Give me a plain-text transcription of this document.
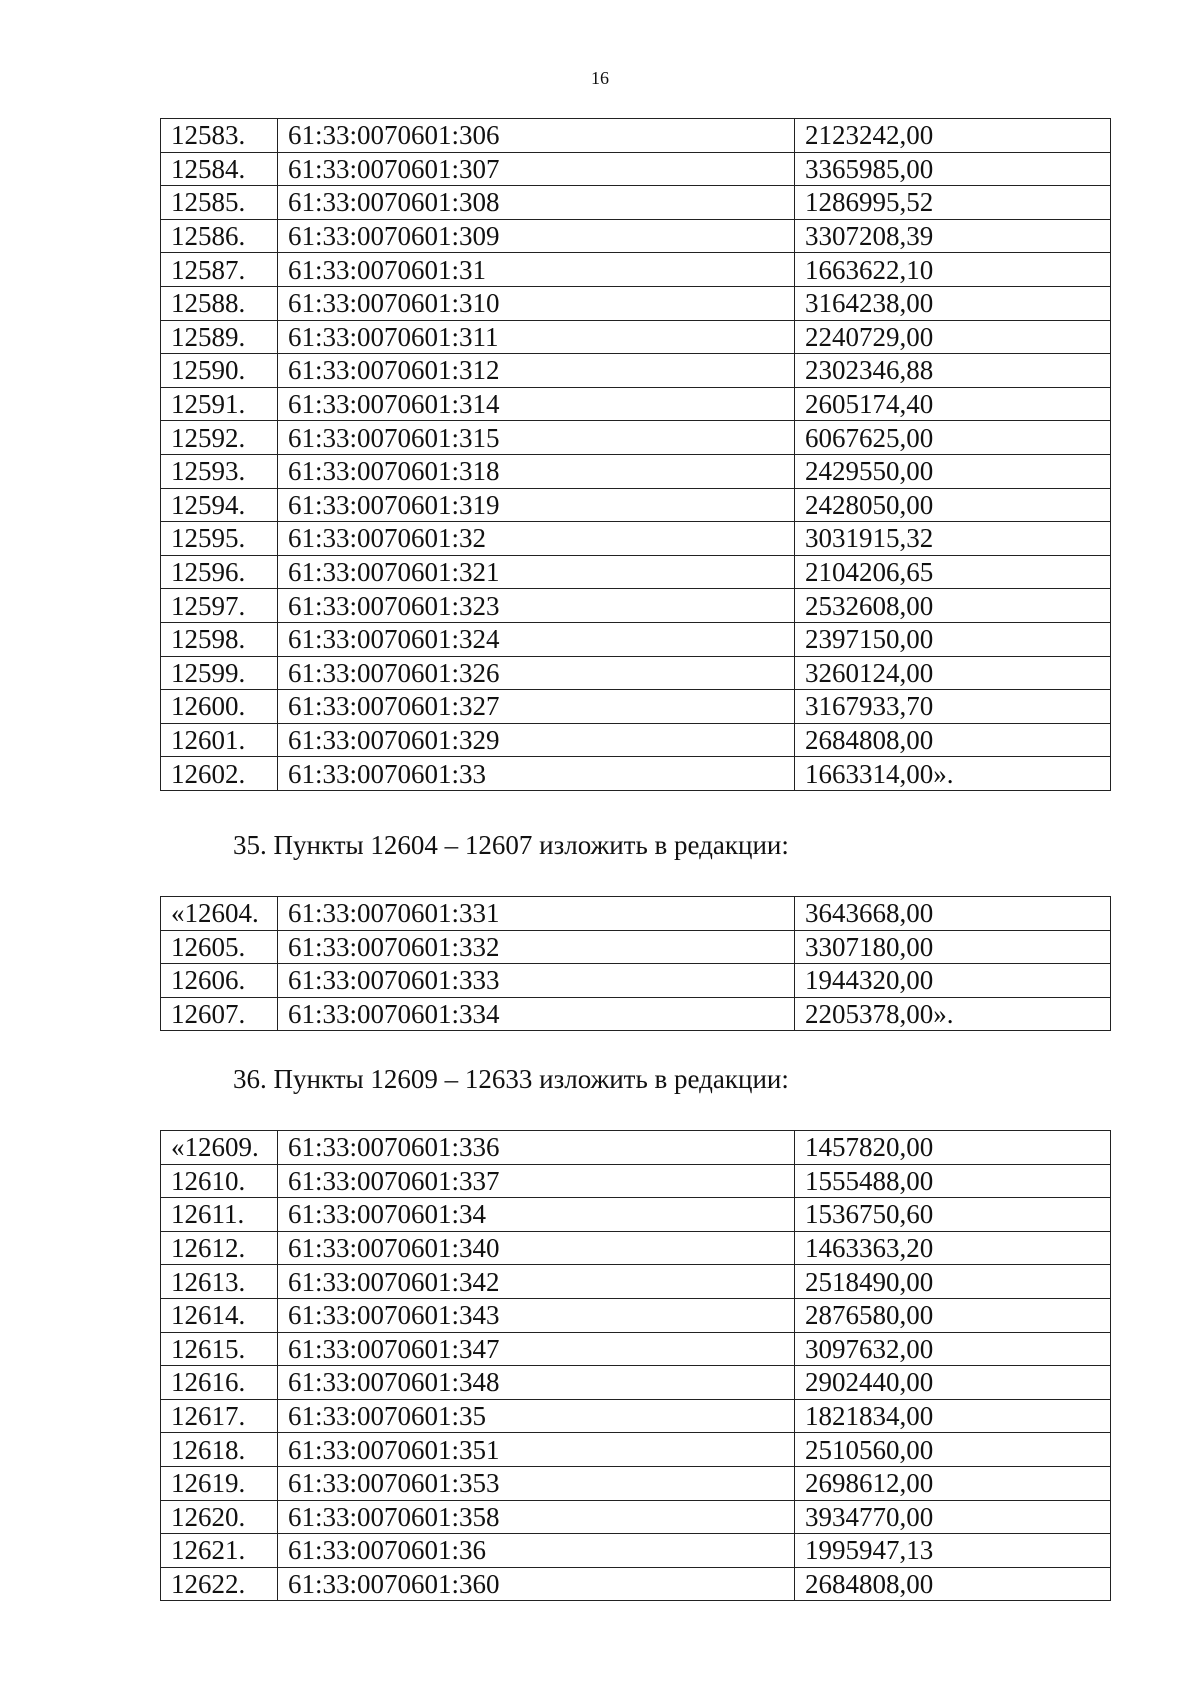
16
12583.	61:33:0070601:306	2123242,00
12584.	61:33:0070601:307	3365985,00
12585.	61:33:0070601:308	1286995,52
12586.	61:33:0070601:309	3307208,39
12587.	61:33:0070601:31	1663622,10
12588.	61:33:0070601:310	3164238,00
12589.	61:33:0070601:311	2240729,00
12590.	61:33:0070601:312	2302346,88
12591.	61:33:0070601:314	2605174,40
12592.	61:33:0070601:315	6067625,00
12593.	61:33:0070601:318	2429550,00
12594.	61:33:0070601:319	2428050,00
12595.	61:33:0070601:32	3031915,32
12596.	61:33:0070601:321	2104206,65
12597.	61:33:0070601:323	2532608,00
12598.	61:33:0070601:324	2397150,00
12599.	61:33:0070601:326	3260124,00
12600.	61:33:0070601:327	3167933,70
12601.	61:33:0070601:329	2684808,00
12602.	61:33:0070601:33	1663314,00».
35. Пункты 12604 – 12607 изложить в редакции:
«12604.	61:33:0070601:331	3643668,00
12605.	61:33:0070601:332	3307180,00
12606.	61:33:0070601:333	1944320,00
12607.	61:33:0070601:334	2205378,00».
36. Пункты 12609 – 12633 изложить в редакции:
«12609.	61:33:0070601:336	1457820,00
12610.	61:33:0070601:337	1555488,00
12611.	61:33:0070601:34	1536750,60
12612.	61:33:0070601:340	1463363,20
12613.	61:33:0070601:342	2518490,00
12614.	61:33:0070601:343	2876580,00
12615.	61:33:0070601:347	3097632,00
12616.	61:33:0070601:348	2902440,00
12617.	61:33:0070601:35	1821834,00
12618.	61:33:0070601:351	2510560,00
12619.	61:33:0070601:353	2698612,00
12620.	61:33:0070601:358	3934770,00
12621.	61:33:0070601:36	1995947,13
12622.	61:33:0070601:360	2684808,00
